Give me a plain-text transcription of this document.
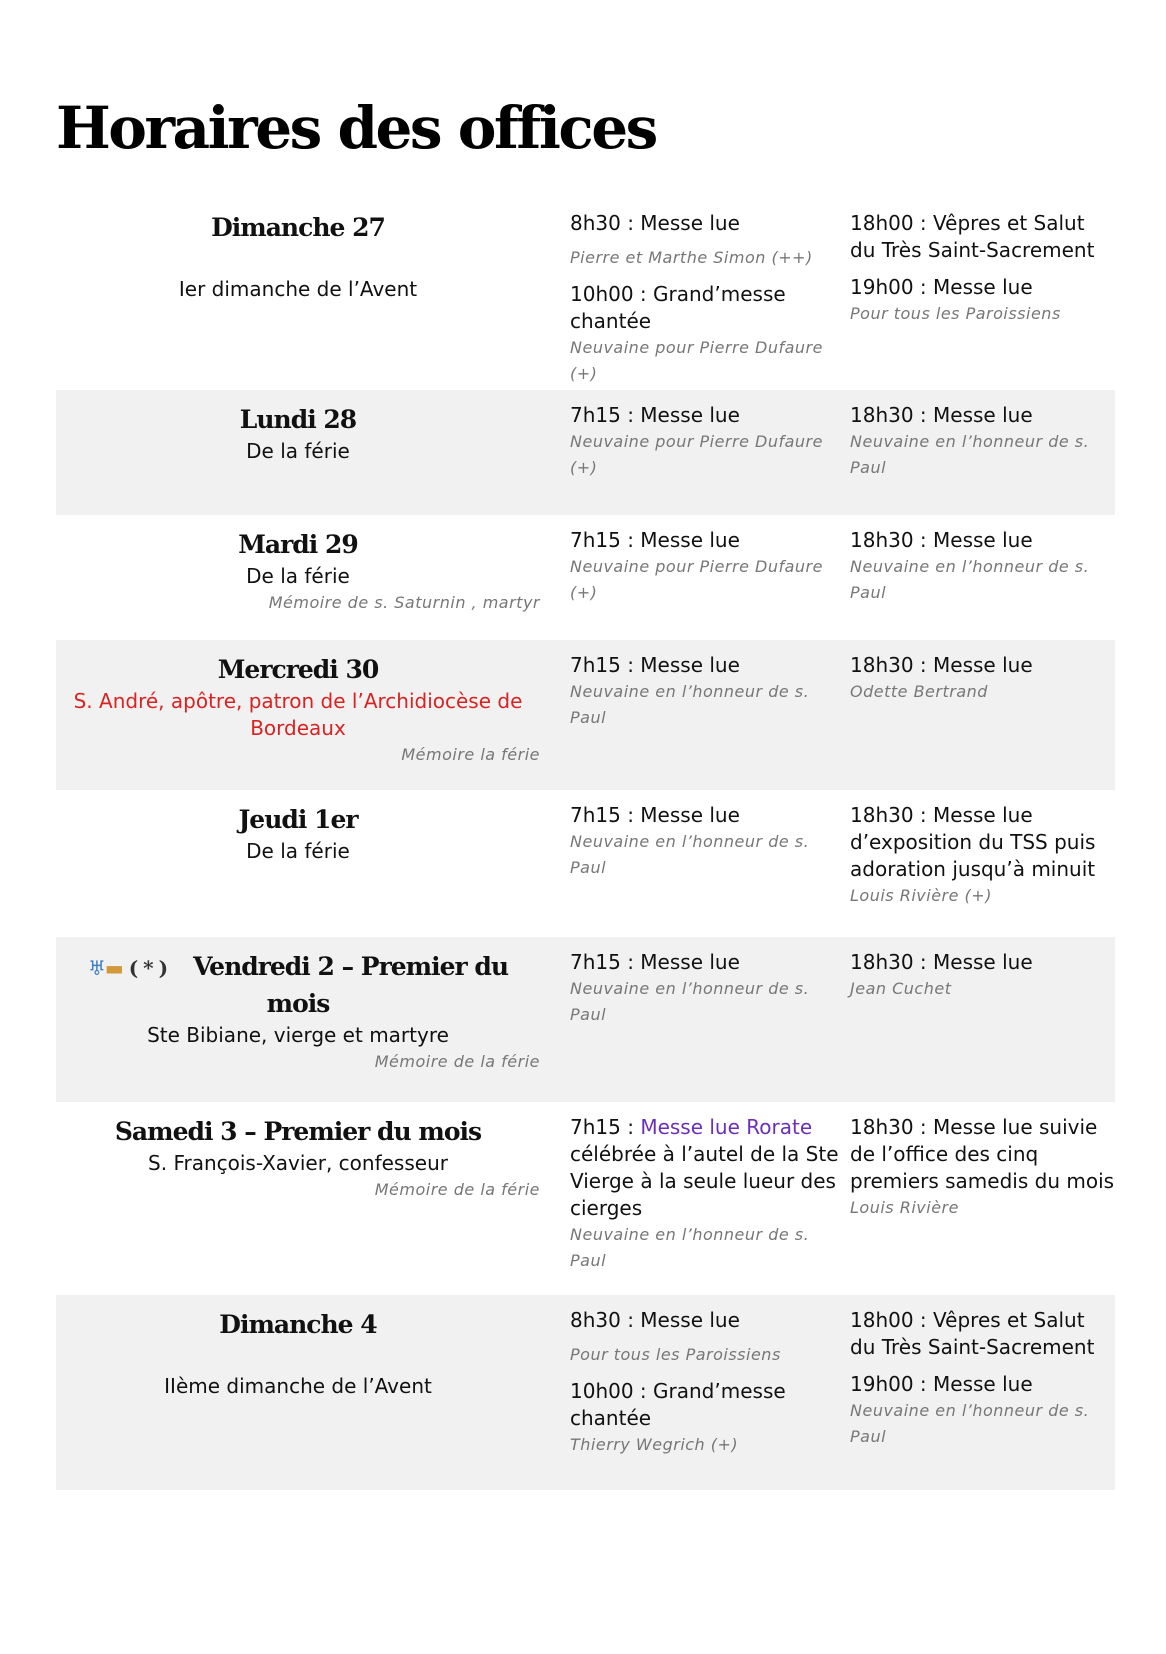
Horaires des offices
Dimanche 27
Ier dimanche de l’Avent
8h30 : Messe lue
Pierre et Marthe Simon (++)
10h00 : Grand’messe chantée
Neuvaine pour Pierre Dufaure (+)
18h00 : Vêpres et Salut du Très Saint-Sacrement
19h00 : Messe lue
Pour tous les Paroissiens
Lundi 28
De la férie
7h15 : Messe lue
Neuvaine pour Pierre Dufaure (+)
18h30 : Messe lue
Neuvaine en l’honneur de s. Paul
Mardi 29
De la férie
Mémoire de s. Saturnin , martyr
7h15 : Messe lue
Neuvaine pour Pierre Dufaure (+)
18h30 : Messe lue
Neuvaine en l’honneur de s. Paul
Mercredi 30
S. André, apôtre, patron de l’Archidiocèse de Bordeaux
Mémoire la férie
7h15 : Messe lue
Neuvaine en l’honneur de s. Paul
18h30 : Messe lue
Odette Bertrand
Jeudi 1er
De la férie
7h15 : Messe lue
Neuvaine en l’honneur de s. Paul
18h30 : Messe lue d’exposition du TSS puis adoration jusqu’à minuit
Louis Rivière (+)
♅▬ ( * ) Vendredi 2 – Premier du mois
Ste Bibiane, vierge et martyre
Mémoire de la férie
7h15 : Messe lue
Neuvaine en l’honneur de s. Paul
18h30 : Messe lue
Jean Cuchet
Samedi 3 – Premier du mois
S. François-Xavier, confesseur
Mémoire de la férie
7h15 : Messe lue Rorate célébrée à l’autel de la Ste Vierge à la seule lueur des cierges
Neuvaine en l’honneur de s. Paul
18h30 : Messe lue suivie de l’office des cinq premiers samedis du mois
Louis Rivière
Dimanche 4
IIème dimanche de l’Avent
8h30 : Messe lue
Pour tous les Paroissiens
10h00 : Grand’messe chantée
Thierry Wegrich (+)
18h00 : Vêpres et Salut du Très Saint-Sacrement
19h00 : Messe lue
Neuvaine en l’honneur de s. Paul
